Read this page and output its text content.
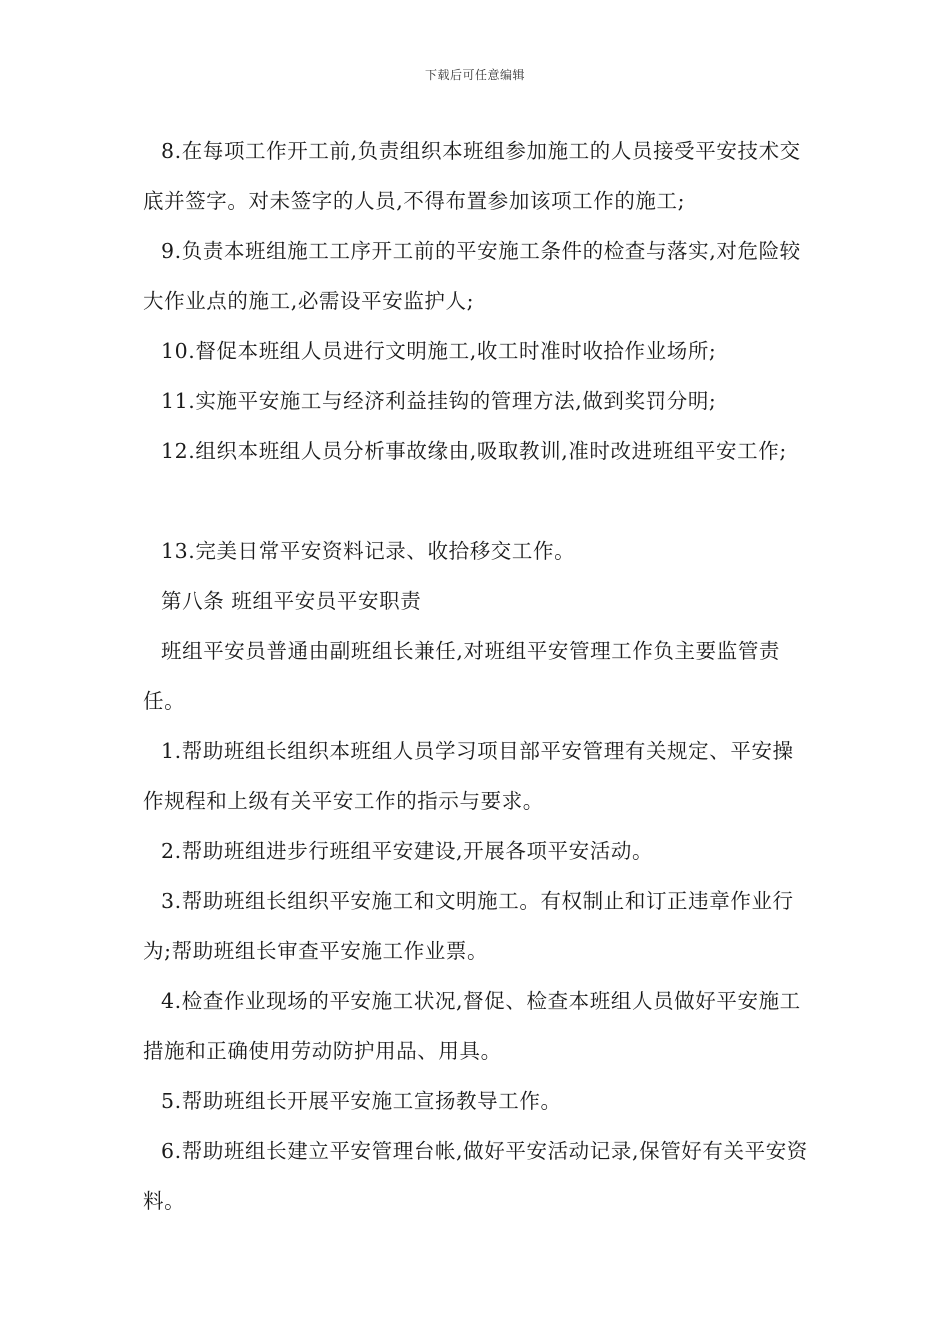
下载后可任意编辑

8.在每项工作开工前,负责组织本班组参加施工的人员接受平安技术交底并签字。对未签字的人员,不得布置参加该项工作的施工;

9.负责本班组施工工序开工前的平安施工条件的检查与落实,对危险较大作业点的施工,必需设平安监护人;

10.督促本班组人员进行文明施工,收工时准时收拾作业场所;

11.实施平安施工与经济利益挂钩的管理方法,做到奖罚分明;

12.组织本班组人员分析事故缘由,吸取教训,准时改进班组平安工作;

13.完美日常平安资料记录、收拾移交工作。

第八条 班组平安员平安职责

班组平安员普通由副班组长兼任,对班组平安管理工作负主要监管责任。

1.帮助班组长组织本班组人员学习项目部平安管理有关规定、平安操作规程和上级有关平安工作的指示与要求。

2.帮助班组进步行班组平安建设,开展各项平安活动。

3.帮助班组长组织平安施工和文明施工。有权制止和订正违章作业行为;帮助班组长审查平安施工作业票。

4.检查作业现场的平安施工状况,督促、检查本班组人员做好平安施工措施和正确使用劳动防护用品、用具。

5.帮助班组长开展平安施工宣扬教导工作。

6.帮助班组长建立平安管理台帐,做好平安活动记录,保管好有关平安资料。
